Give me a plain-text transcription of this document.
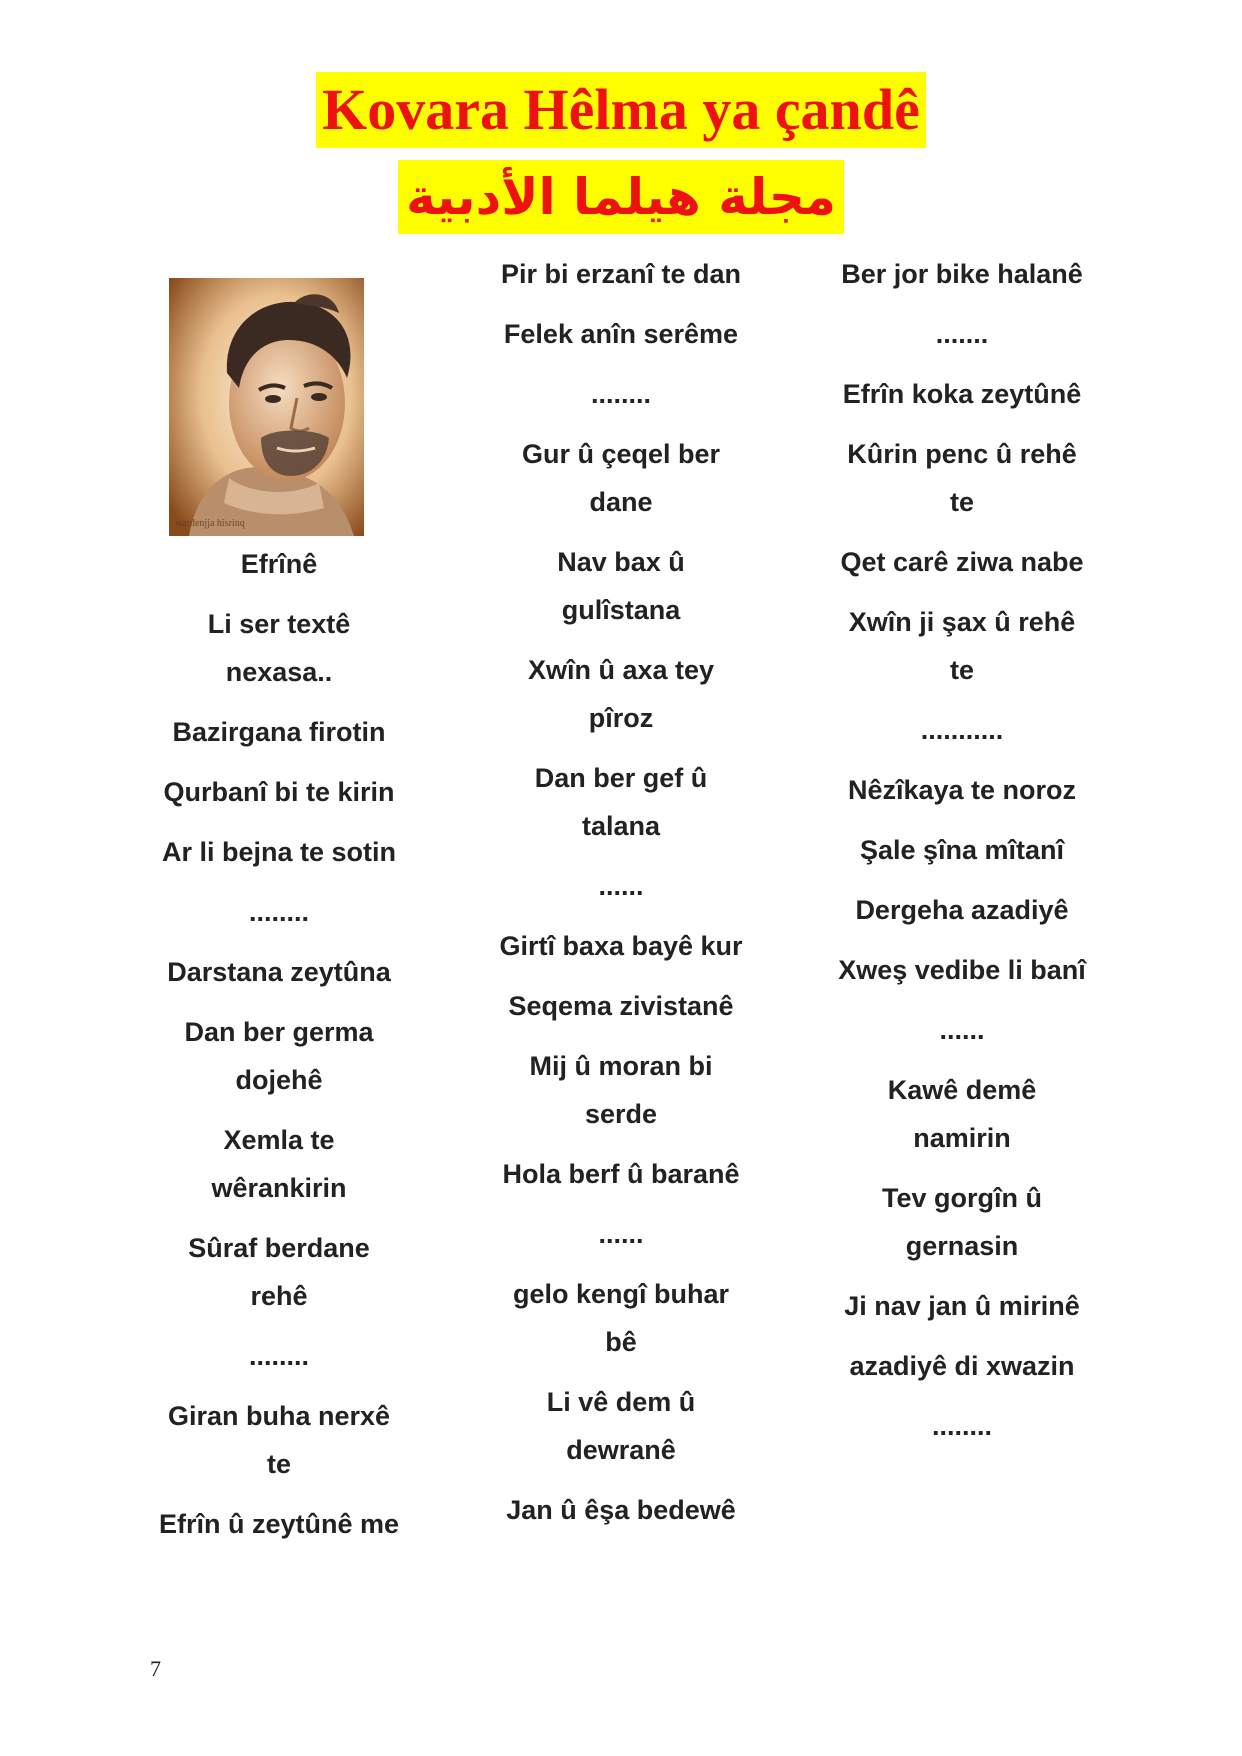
Kovara Hêlma ya çandê
مجلة هيلما الأدبية
wardenjja hîsrinq
Efrînê
Li ser textê
nexasa..
Bazirgana firotin
Qurbanî bi te kirin
Ar li bejna te sotin
........
Darstana zeytûna
Dan ber germa
dojehê
Xemla te
wêrankirin
Sûraf berdane
rehê
........
Giran buha nerxê
te
Efrîn û zeytûnê me
Pir bi erzanî te dan
Felek anîn serême
........
Gur û çeqel ber
dane
Nav bax û
gulîstana
Xwîn û axa tey
pîroz
Dan ber gef û
talana
......
Girtî baxa bayê kur
Seqema zivistanê
Mij û moran bi
serde
Hola berf û baranê
......
gelo kengî buhar
bê
Li vê dem û
dewranê
Jan û êşa bedewê
Ber jor bike halanê
.......
Efrîn koka zeytûnê
Kûrin penc û rehê
te
Qet carê ziwa nabe
Xwîn ji şax û rehê
te
...........
Nêzîkaya te noroz
Şale şîna mîtanî
Dergeha azadiyê
Xweş vedibe li banî
......
Kawê demê
namirin
Tev gorgîn û
gernasin
Ji nav jan û mirinê
azadiyê di xwazin
........
7
